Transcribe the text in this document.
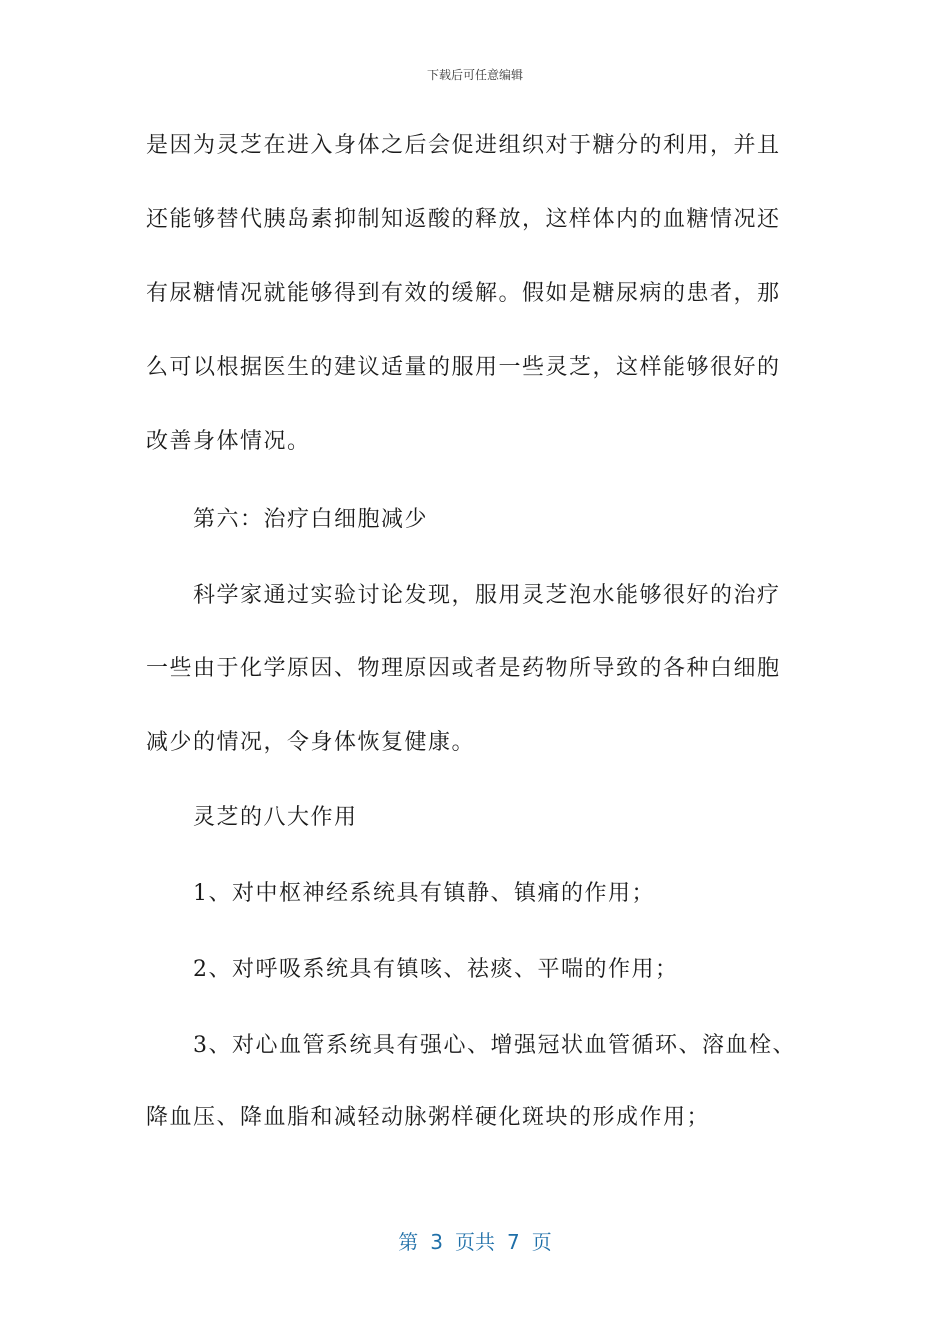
下载后可任意编辑
是因为灵芝在进入身体之后会促进组织对于糖分的利用，并且
还能够替代胰岛素抑制知返酸的释放，这样体内的血糖情况还
有尿糖情况就能够得到有效的缓解。假如是糖尿病的患者，那
么可以根据医生的建议适量的服用一些灵芝，这样能够很好的
改善身体情况。
第六：治疗白细胞减少
科学家通过实验讨论发现，服用灵芝泡水能够很好的治疗
一些由于化学原因、物理原因或者是药物所导致的各种白细胞
减少的情况，令身体恢复健康。
灵芝的八大作用
1、对中枢神经系统具有镇静、镇痛的作用；
2、对呼吸系统具有镇咳、祛痰、平喘的作用；
3、对心血管系统具有强心、增强冠状血管循环、溶血栓、
降血压、降血脂和减轻动脉粥样硬化斑块的形成作用；
第 3 页共 7 页
